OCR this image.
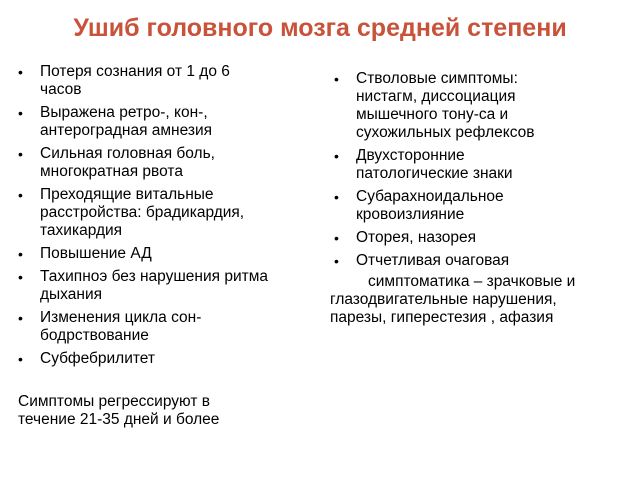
Ушиб головного мозга средней степени
•	Потеря сознания от 1 до 6
часов
•	Выражена ретро-, кон-,
антероградная амнезия
•	Сильная головная боль,
многократная рвота
•	Преходящие витальные
расстройства: брадикардия,
тахикардия
•	Повышение АД
•	Тахипноэ без нарушения ритма
дыхания
•	Изменения цикла сон-
бодрствование
•	Субфебрилитет
Симптомы регрессируют в
течение 21-35 дней и более
•	Стволовые симптомы:
нистагм, диссоциация
мышечного тону-са и
сухожильных рефлексов
•	Двухсторонние
патологические знаки
•	Субарахноидальное
кровоизлияние
•	Оторея, назорея
•	Отчетливая очаговая
симптоматика – зрачковые и
глазодвигательные нарушения,
парезы, гиперестезия , афазия
